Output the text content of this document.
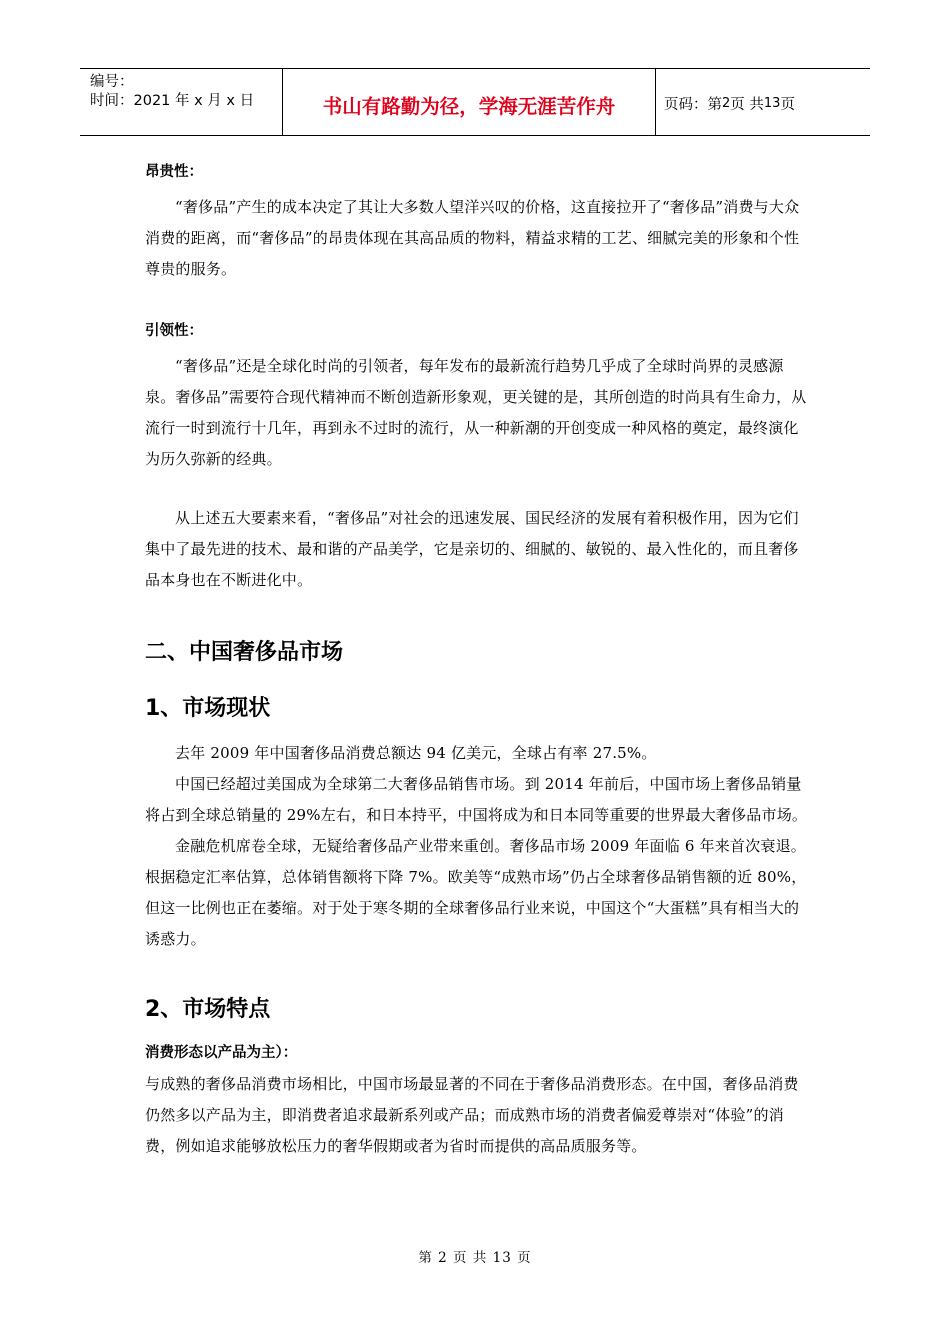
编号：
时间：2021 年 x 月 x 日	书山有路勤为径，学海无涯苦作舟	页码：第 2 页 共 13 页
昂贵性：

“奢侈品”产生的成本决定了其让大多数人望洋兴叹的价格，这直接拉开了“奢侈品”消费与大众消费的距离，而“奢侈品”的昂贵体现在其高品质的物料，精益求精的工艺、细腻完美的形象和个性尊贵的服务。

引领性：

“奢侈品”还是全球化时尚的引领者，每年发布的最新流行趋势几乎成了全球时尚界的灵感源泉。奢侈品”需要符合现代精神而不断创造新形象观，更关键的是，其所创造的时尚具有生命力，从流行一时到流行十几年，再到永不过时的流行，从一种新潮的开创变成一种风格的奠定，最终演化为历久弥新的经典。

从上述五大要素来看，“奢侈品”对社会的迅速发展、国民经济的发展有着积极作用，因为它们集中了最先进的技术、最和谐的产品美学，它是亲切的、细腻的、敏锐的、最入性化的，而且奢侈品本身也在不断进化中。

二、中国奢侈品市场
1、市场现状

去年 2009 年中国奢侈品消费总额达 94 亿美元，全球占有率 27.5%。

中国已经超过美国成为全球第二大奢侈品销售市场。到 2014 年前后，中国市场上奢侈品销量将占到全球总销量的 29%左右，和日本持平，中国将成为和日本同等重要的世界最大奢侈品市场。

金融危机席卷全球，无疑给奢侈品产业带来重创。奢侈品市场 2009 年面临 6 年来首次衰退。根据稳定汇率估算，总体销售额将下降 7%。欧美等“成熟市场”仍占全球奢侈品销售额的近 80%，但这一比例也正在萎缩。对于处于寒冬期的全球奢侈品行业来说，中国这个“大蛋糕”具有相当大的诱惑力。

2、市场特点
消费形态以产品为主）：

与成熟的奢侈品消费市场相比，中国市场最显著的不同在于奢侈品消费形态。在中国，奢侈品消费仍然多以产品为主，即消费者追求最新系列或产品；而成熟市场的消费者偏爱尊崇对“体验”的消费，例如追求能够放松压力的奢华假期或者为省时而提供的高品质服务等。

第 2 页 共 13 页
